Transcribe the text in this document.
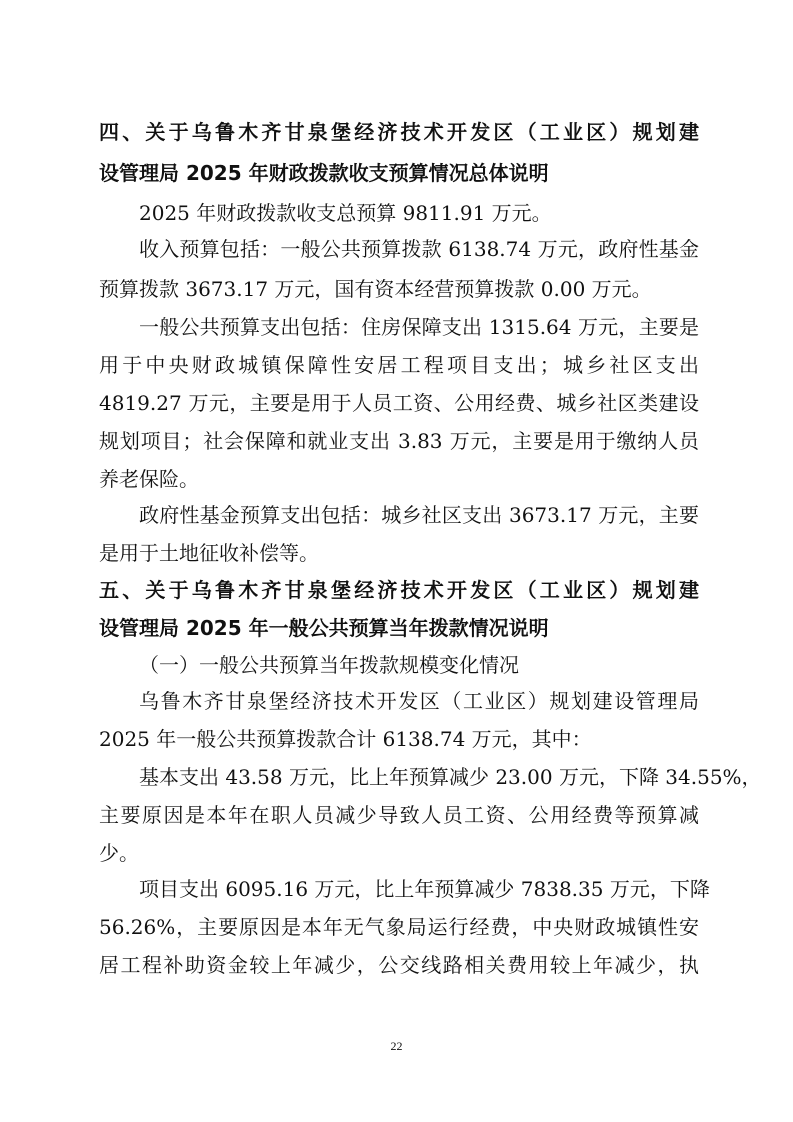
四、关于乌鲁木齐甘泉堡经济技术开发区（工业区）规划建
设管理局 2025 年财政拨款收支预算情况总体说明
2025 年财政拨款收支总预算 9811.91 万元。
收入预算包括：一般公共预算拨款 6138.74 万元，政府性基金
预算拨款 3673.17 万元，国有资本经营预算拨款 0.00 万元。
一般公共预算支出包括：住房保障支出 1315.64 万元，主要是
用于中央财政城镇保障性安居工程项目支出；城乡社区支出
4819.27 万元，主要是用于人员工资、公用经费、城乡社区类建设
规划项目；社会保障和就业支出 3.83 万元，主要是用于缴纳人员
养老保险。
政府性基金预算支出包括：城乡社区支出 3673.17 万元，主要
是用于土地征收补偿等。
五、关于乌鲁木齐甘泉堡经济技术开发区（工业区）规划建
设管理局 2025 年一般公共预算当年拨款情况说明
（一）一般公共预算当年拨款规模变化情况
乌鲁木齐甘泉堡经济技术开发区（工业区）规划建设管理局
2025 年一般公共预算拨款合计 6138.74 万元，其中：
基本支出 43.58 万元，比上年预算减少 23.00 万元，下降 34.55%，
主要原因是本年在职人员减少导致人员工资、公用经费等预算减
少。
项目支出 6095.16 万元，比上年预算减少 7838.35 万元，下降
56.26%，主要原因是本年无气象局运行经费，中央财政城镇性安
居工程补助资金较上年减少，公交线路相关费用较上年减少，执
22
